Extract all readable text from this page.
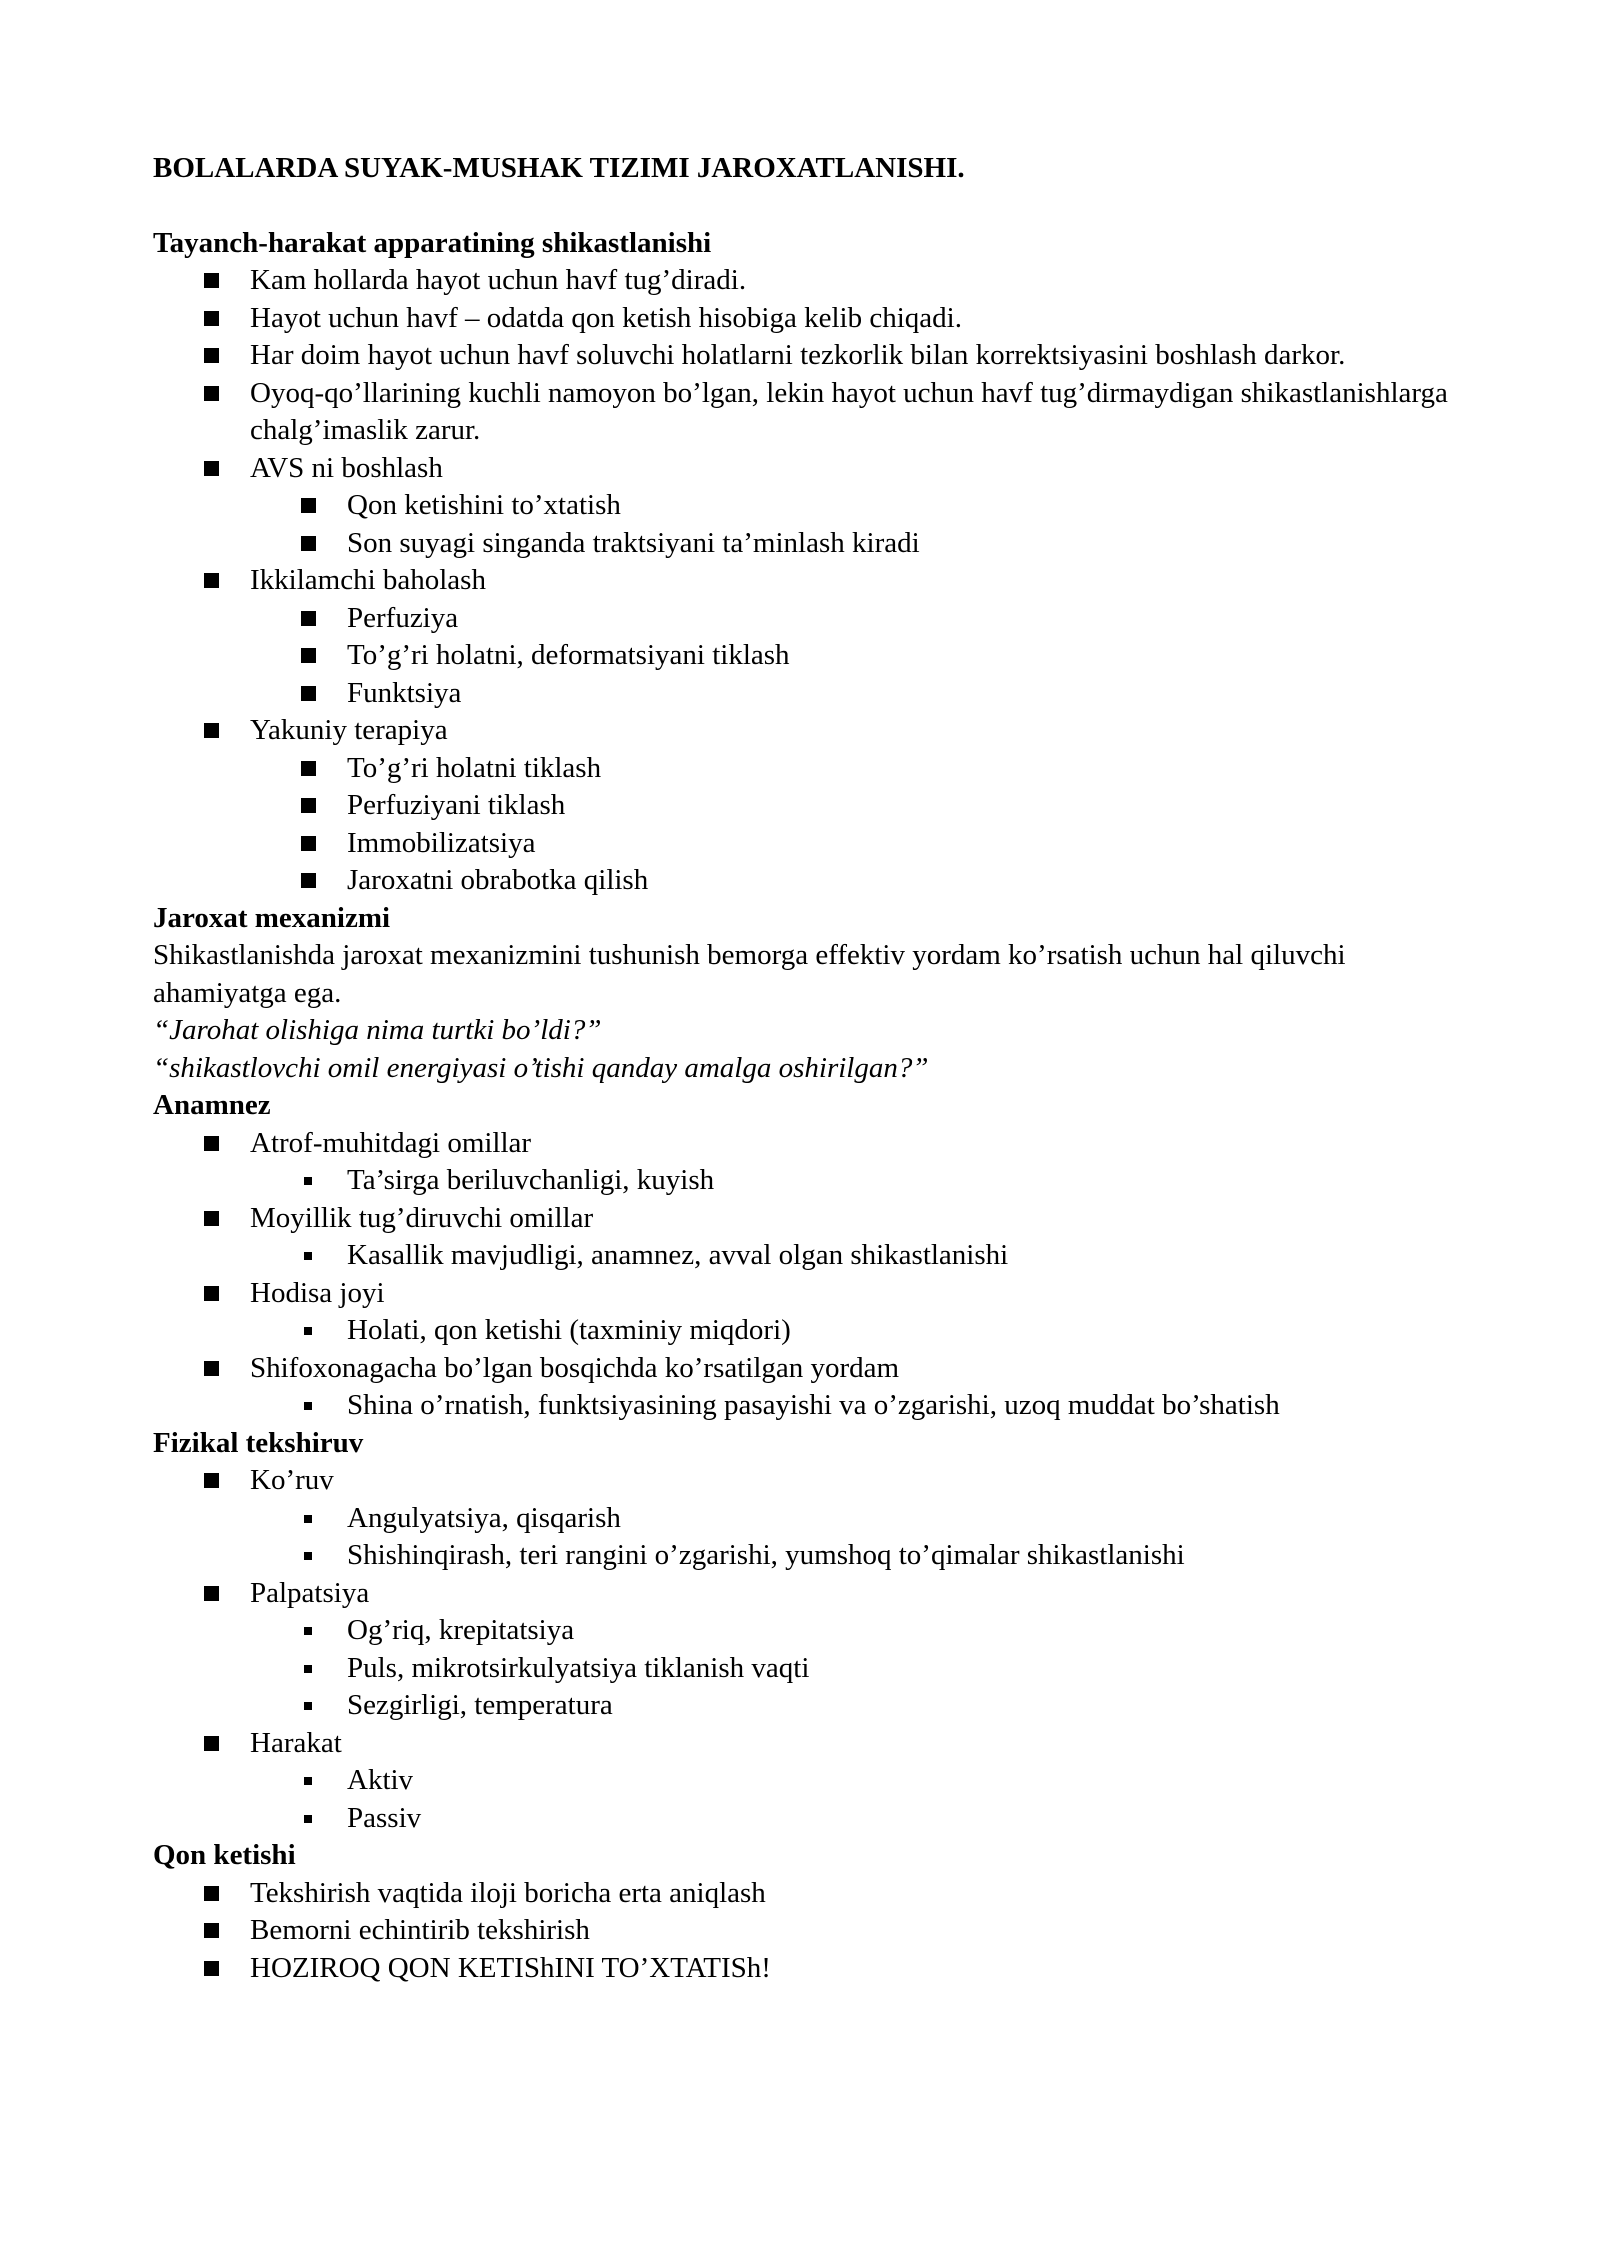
BOLALARDA SUYAK-MUSHAK TIZIMI JAROXATLANISHI.

Tayanch-harakat apparatining shikastlanishi

Kam hollarda hayot uchun havf tug’diradi.
Hayot uchun havf – odatda qon ketish hisobiga kelib chiqadi.
Har doim hayot uchun havf soluvchi holatlarni tezkorlik bilan korrektsiyasini boshlash darkor.
Oyoq-qo’llarining kuchli namoyon bo’lgan, lekin hayot uchun havf tug’dirmaydigan shikastlanishlarga chalg’imaslik zarur.
AVS ni boshlash
Qon ketishini to’xtatish
Son suyagi singanda traktsiyani ta’minlash kiradi
Ikkilamchi baholash
Perfuziya
To’g’ri holatni, deformatsiyani tiklash
Funktsiya
Yakuniy terapiya
To’g’ri holatni tiklash
Perfuziyani tiklash
Immobilizatsiya
Jaroxatni obrabotka qilish

Jaroxat mexanizmi

Shikastlanishda jaroxat mexanizmini tushunish bemorga effektiv yordam ko’rsatish uchun hal qiluvchi ahamiyatga ega.

“Jarohat olishiga nima turtki bo’ldi?”

“shikastlovchi omil energiyasi o’tishi qanday amalga oshirilgan?”

Anamnez

Atrof-muhitdagi omillar
Ta’sirga beriluvchanligi, kuyish
Moyillik tug’diruvchi omillar
Kasallik mavjudligi, anamnez, avval olgan shikastlanishi
Hodisa joyi
Holati, qon ketishi (taxminiy miqdori)
Shifoxonagacha bo’lgan bosqichda ko’rsatilgan yordam
Shina o’rnatish, funktsiyasining pasayishi va o’zgarishi, uzoq muddat bo’shatish

Fizikal tekshiruv

Ko’ruv
Angulyatsiya, qisqarish
Shishinqirash, teri rangini o’zgarishi, yumshoq to’qimalar shikastlanishi
Palpatsiya
Og’riq, krepitatsiya
Puls, mikrotsirkulyatsiya tiklanish vaqti
Sezgirligi, temperatura
Harakat
Aktiv
Passiv

Qon ketishi

Tekshirish vaqtida iloji boricha erta aniqlash
Bemorni echintirib tekshirish
HOZIROQ QON KETIShINI TO’XTATISh!
